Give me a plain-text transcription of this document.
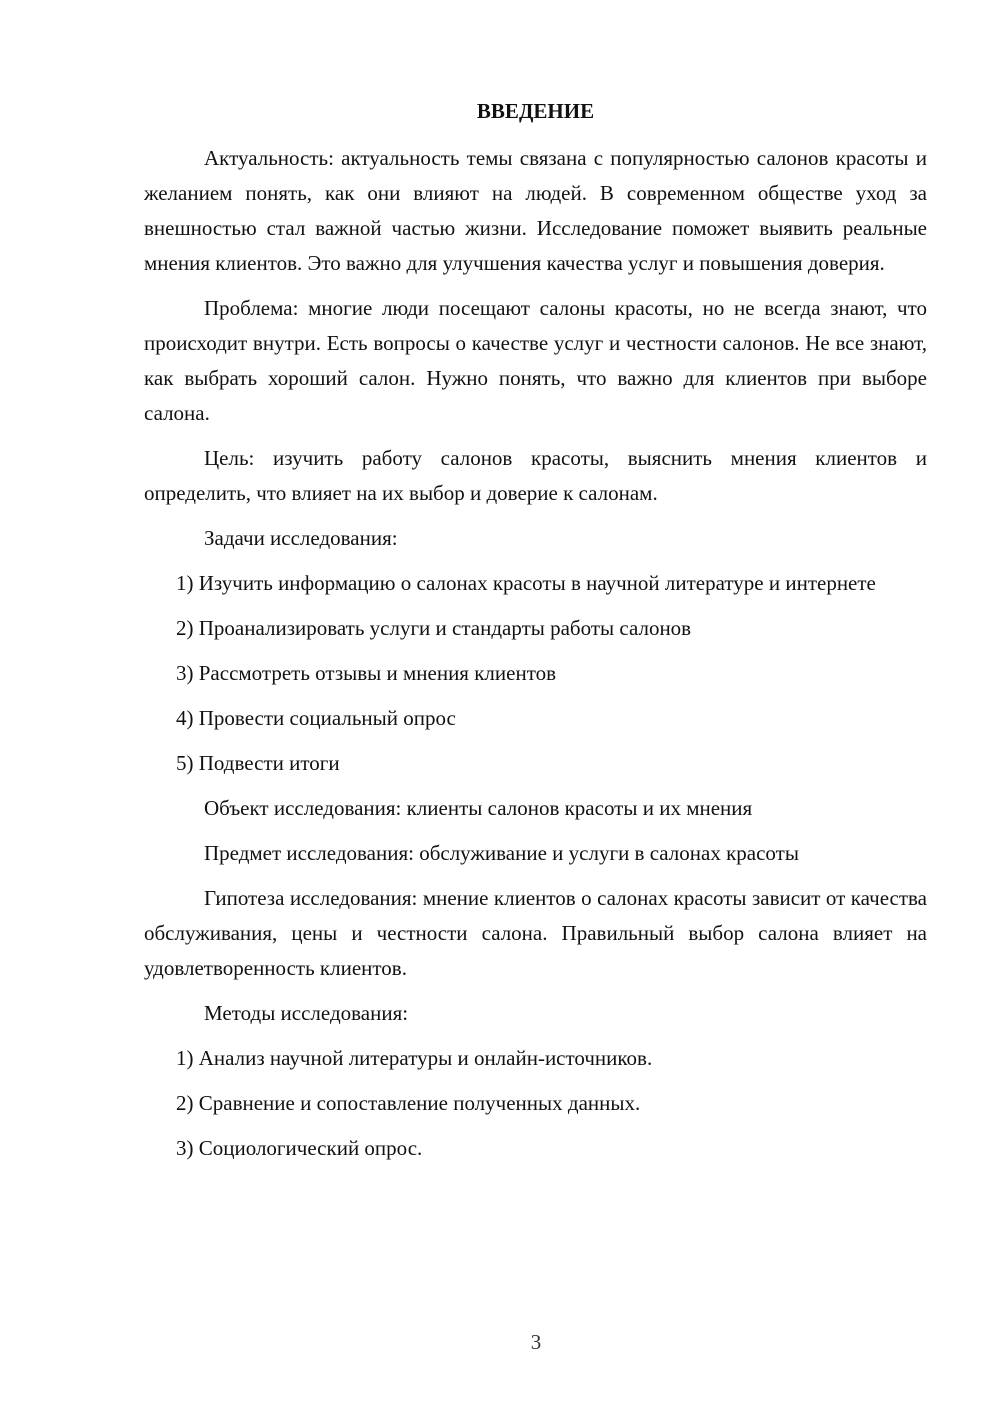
ВВЕДЕНИЕ

Актуальность: актуальность темы связана с популярностью салонов красоты и желанием понять, как они влияют на людей. В современном обществе уход за внешностью стал важной частью жизни. Исследование поможет выявить реальные мнения клиентов. Это важно для улучшения качества услуг и повышения доверия.

Проблема: многие люди посещают салоны красоты, но не всегда знают, что происходит внутри. Есть вопросы о качестве услуг и честности салонов. Не все знают, как выбрать хороший салон. Нужно понять, что важно для клиентов при выборе салона.

Цель: изучить работу салонов красоты, выяснить мнения клиентов и определить, что влияет на их выбор и доверие к салонам.

Задачи исследования:

1) Изучить информацию о салонах красоты в научной литературе и интернете

2) Проанализировать услуги и стандарты работы салонов

3) Рассмотреть отзывы и мнения клиентов

4) Провести социальный опрос

5) Подвести итоги

Объект исследования: клиенты салонов красоты и их мнения

Предмет исследования: обслуживание и услуги в салонах красоты

Гипотеза исследования: мнение клиентов о салонах красоты зависит от качества обслуживания, цены и честности салона. Правильный выбор салона влияет на удовлетворенность клиентов.

Методы исследования:

1) Анализ научной литературы и онлайн-источников.

2) Сравнение и сопоставление полученных данных.

3) Социологический опрос.

3
